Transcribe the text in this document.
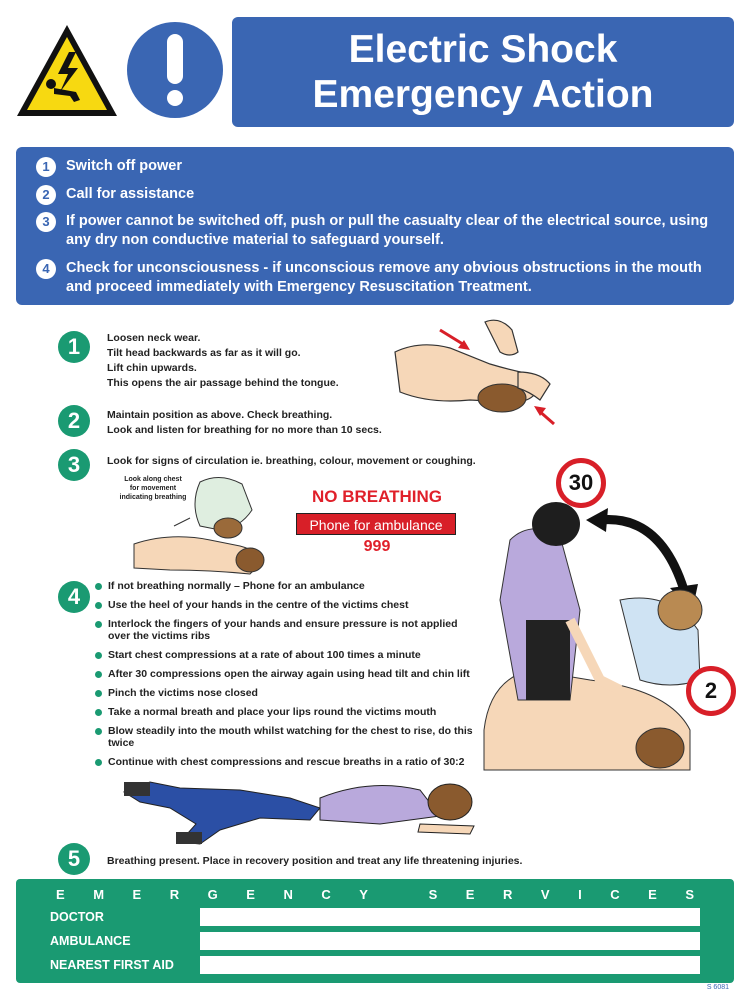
Electric Shock
Emergency Action
1	Switch off power
2	Call for assistance
3	If power cannot be switched off, push or pull the casualty clear of the electrical source, using any dry non conductive material to safeguard yourself.
4	Check for unconsciousness - if unconscious remove any obvious obstructions in the mouth and proceed immediately with Emergency Resuscitation Treatment.
1	Loosen neck wear.
Tilt head backwards as far as it will go.
Lift chin upwards.
This opens the air passage behind the tongue.
2	Maintain position as above. Check breathing.
Look and listen for breathing for no more than 10 secs.
3	Look for signs of circulation ie. breathing, colour, movement or coughing.
Look along chest
for movement
indicating breathing	NO BREATHING
Phone for ambulance
999
30
2
4	If not breathing normally – Phone for an ambulance
Use the heel of your hands in the centre of the victims chest
Interlock the fingers of your hands and ensure pressure is not applied over the victims ribs
Start chest compressions at a rate of about 100 times a minute
After 30 compressions open the airway again using head tilt and chin lift
Pinch the victims nose closed
Take a normal breath and place your lips round the victims mouth
Blow steadily into the mouth whilst watching for the chest to rise, do this twice
Continue with chest compressions and rescue breaths in a ratio of 30:2
5	Breathing present. Place in recovery position and treat any life threatening injuries.
E M E R G E N C Y
	S E R V I C E S
DOCTOR
AMBULANCE
NEAREST FIRST AID
S 6081
